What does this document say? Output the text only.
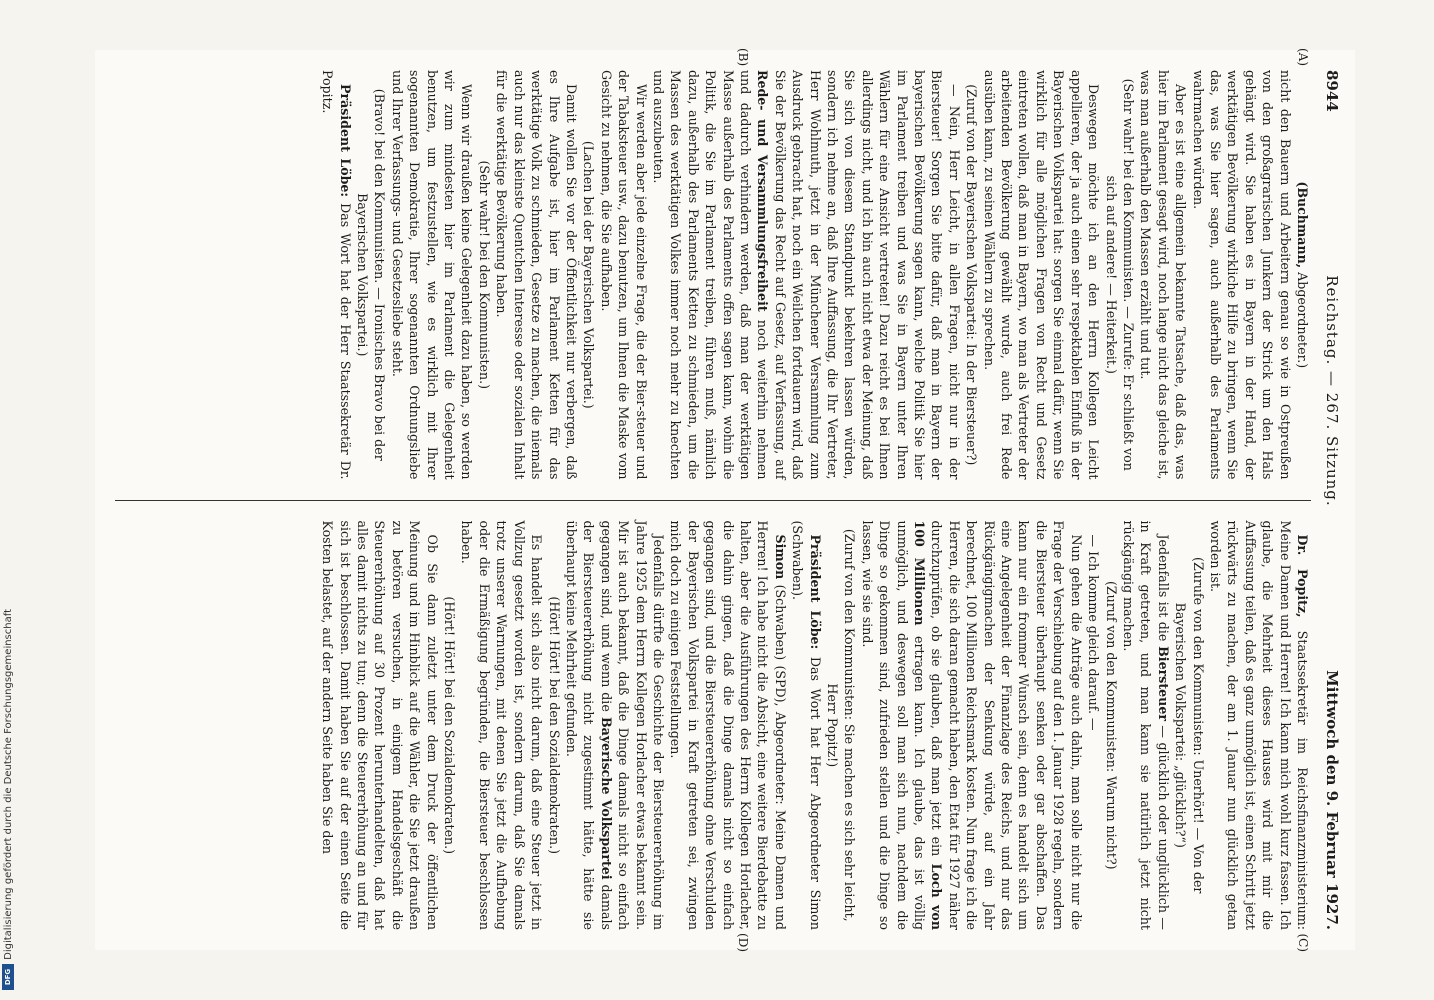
DFG
Digitalisierung gefördert durch die Deutsche Forschungsgemeinschaft
8944
Reichstag. — 267. Sitzung.
Mittwoch den 9. Februar 1927.
(A)
(B)

(Buchmann, Abgeordneter.)

nicht den Bauern und Arbeitern genau so wie in Ostpreußen von den großagrarischen Junkern der Strick um den Hals gehängt wird. Sie haben es in Bayern in der Hand, der werktätigen Bevölkerung wirkliche Hilfe zu bringen, wenn Sie das, was Sie hier sagen, auch außerhalb des Parlaments wahrmachen würden.

Aber es ist eine allgemein bekannte Tatsache, daß das, was hier im Parlament gesagt wird, noch lange nicht das gleiche ist, was man außerhalb den Massen erzählt und tut.

(Sehr wahr! bei den Kommunisten. — Zurufe: Er schließt von sich auf andere! — Heiterkeit.)

Deswegen möchte ich an den Herrn Kollegen Leicht appellieren, der ja auch einen sehr respektablen Einfluß in der Bayerischen Volkspartei hat: sorgen Sie einmal dafür, wenn Sie wirklich für alle möglichen Fragen von Recht und Gesetz eintreten wollen, daß man in Bayern, wo man als Vertreter der arbeitenden Bevölkerung gewählt wurde, auch frei Rede ausüben kann, zu seinen Wählern zu sprechen.

(Zuruf von der Bayerischen Volkspartei: In der Biersteuer?)

— Nein, Herr Leicht, in allen Fragen, nicht nur in der Biersteuer! Sorgen Sie bitte dafür, daß man in Bayern der bayerischen Bevölkerung sagen kann, welche Politik Sie hier im Parlament treiben und was Sie in Bayern unter Ihren Wählern für eine Ansicht vertreten! Dazu reicht es bei Ihnen allerdings nicht, und ich bin auch nicht etwa der Meinung, daß Sie sich von diesem Standpunkt bekehren lassen würden, sondern ich nehme an, daß Ihre Auffassung, die Ihr Vertreter, Herr Wohlmuth, jetzt in der Münchener Versammlung zum Ausdruck gebracht hat, noch ein Weilchen fortdauern wird, daß Sie der Bevölkerung das Recht auf Gesetz, auf Verfassung, auf Rede- und Versammlungsfreiheit noch weiterhin nehmen und dadurch verhindern werden, daß man der werktätigen Masse außerhalb des Parlaments offen sagen kann, wohin die Politik, die Sie im Parlament treiben, führen muß, nämlich dazu, außerhalb des Parlaments Ketten zu schmieden, um die Massen des werktätigen Volkes immer noch mehr zu knechten und auszubeuten.

Wir werden aber jede einzelne Frage, die der Bier-steuer und der Tabaksteuer usw., dazu benutzen, um Ihnen die Maske vom Gesicht zu nehmen, die Sie aufhaben.

(Lachen bei der Bayerischen Volkspartei.)

Damit wollen Sie vor der Öffentlichkeit nur verbergen, daß es Ihre Aufgabe ist, hier im Parlament Ketten für das werktätige Volk zu schmieden, Gesetze zu machen, die niemals auch nur das kleinste Quentchen Interesse oder sozialen Inhalt für die werktätige Bevölkerung haben.

(Sehr wahr! bei den Kommunisten.)

Wenn wir draußen keine Gelegenheit dazu haben, so werden wir zum mindesten hier im Parlament die Gelegenheit benutzen, um festzustellen, wie es wirklich mit Ihrer sogenannten Demokratie, Ihrer sogenannten Ordnungsliebe und Ihrer Verfassungs- und Gesetzesliebe steht.

(Bravo! bei den Kommunisten. — Ironisches Bravo bei der Bayerischen Volkspartei.)

Präsident Löbe: Das Wort hat der Herr Staatssekretär Dr. Popitz.

(C)
(D)

Dr. Popitz, Staatssekretär im Reichsfinanzministerium: Meine Damen und Herren! Ich kann mich wohl kurz fassen. Ich glaube, die Mehrheit dieses Hauses wird mit mir die Auffassung teilen, daß es ganz unmöglich ist, einen Schritt jetzt rückwärts zu machen, der am 1. Januar nun glücklich getan worden ist.

(Zurufe von den Kommunisten: Unerhört! — Von der Bayerischen Volkspartei: „glücklich?“)

Jedenfalls ist die Biersteuer — glücklich oder unglücklich — in Kraft getreten, und man kann sie natürlich jetzt nicht rückgängig machen.

(Zuruf von den Kommunisten: Warum nicht?)

— Ich komme gleich darauf. —

Nun gehen die Anträge auch dahin, man solle nicht nur die Frage der Verschiebung auf den 1. Januar 1928 regeln, sondern die Biersteuer überhaupt senken oder gar abschaffen. Das kann nur ein frommer Wunsch sein, denn es handelt sich um eine Angelegenheit der Finanzlage des Reichs, und nur das Rückgängigmachen der Senkung würde, auf ein Jahr berechnet, 100 Millionen Reichsmark kosten. Nun frage ich die Herren, die sich daran gemacht haben, den Etat für 1927 näher durchzuprüfen, ob sie glauben, daß man jetzt ein Loch von 100 Millionen ertragen kann. Ich glaube, das ist völlig unmöglich, und deswegen soll man sich nun, nachdem die Dinge so gekommen sind, zufrieden stellen und die Dinge so lassen, wie sie sind.

(Zuruf von den Kommunisten: Sie machen es sich sehr leicht, Herr Popitz!)

Präsident Löbe: Das Wort hat Herr Abgeordneter Simon (Schwaben).

Simon (Schwaben) (SPD), Abgeordneter: Meine Damen und Herren! Ich habe nicht die Absicht, eine weitere Bierdebatte zu halten, aber die Ausführungen des Herrn Kollegen Horlacher, die dahin gingen, daß die Dinge damals nicht so einfach gegangen sind, und die Biersteuererhöhung ohne Verschulden der Bayerischen Volkspartei in Kraft getreten sei, zwingen mich doch zu einigen Feststellungen.

Jedenfalls dürfte die Geschichte der Biersteuererhöhung im Jahre 1925 dem Herrn Kollegen Horlacher etwas bekannt sein. Mir ist auch bekannt, daß die Dinge damals nicht so einfach gegangen sind, und wenn die Bayerische Volkspartei damals der Biersteuererhöhung nicht zugestimmt hätte, hätte sie überhaupt keine Mehrheit gefunden.

(Hört! Hört! bei den Sozialdemokraten.)

Es handelt sich also nicht darum, daß eine Steuer jetzt in Vollzug gesetzt worden ist, sondern darum, daß Sie damals trotz unserer Warnungen, mit denen Sie jetzt die Aufhebung oder die Ermäßigung begründen, die Biersteuer beschlossen haben.

(Hört! Hört! bei den Sozialdemokraten.)

Ob Sie dann zuletzt unter dem Druck der öffentlichen Meinung und im Hinblick auf die Wähler, die Sie jetzt draußen zu betören versuchen, in einigem Handelsgeschäft die Steuererhöhung auf 30 Prozent herunterhandelten, daß hat alles damit nichts zu tun; denn die Steuererhöhung an und für sich ist beschlossen. Damit haben Sie auf der einen Seite die Kosten belastet, auf der andern Seite haben Sie den
